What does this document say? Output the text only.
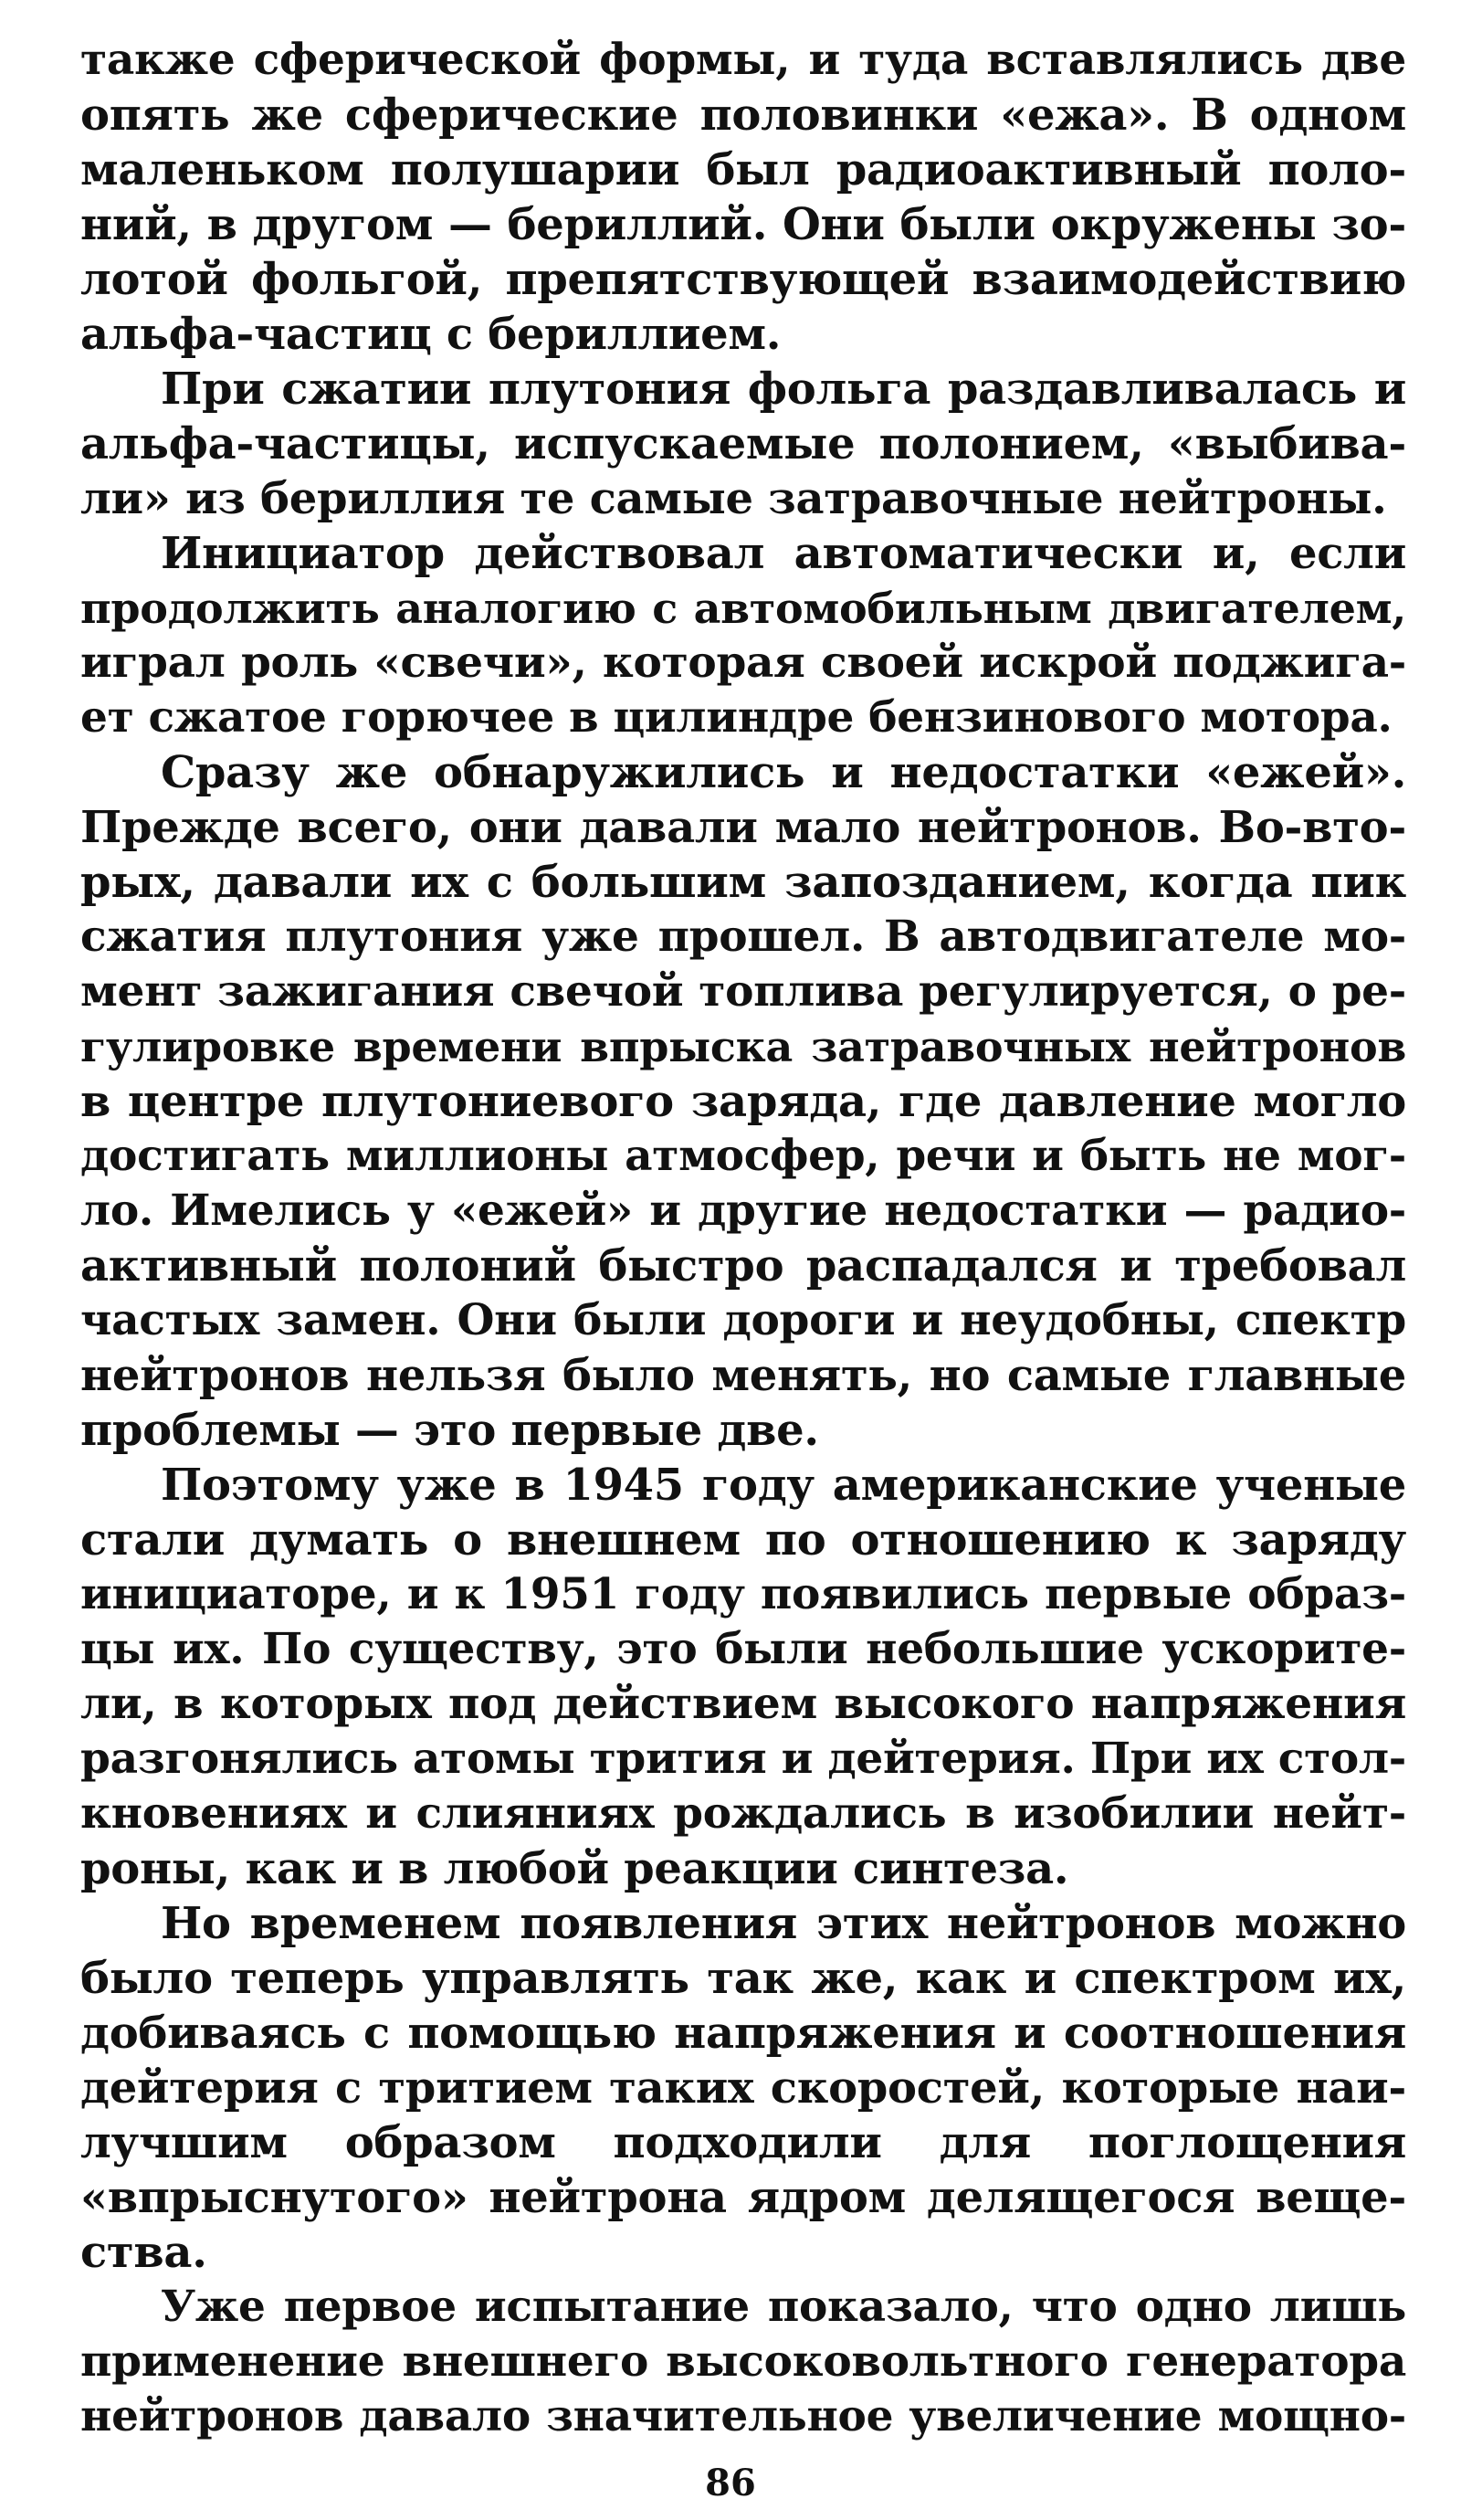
также сферической формы, и туда вставлялись две
опять же сферические половинки «ежа». В одном
маленьком полушарии был радиоактивный поло-
ний, в другом — бериллий. Они были окружены зо-
лотой фольгой, препятствующей взаимодействию
альфа-частиц с бериллием.
При сжатии плутония фольга раздавливалась и
альфа-частицы, испускаемые полонием, «выбива-
ли» из бериллия те самые затравочные нейтроны.
Инициатор действовал автоматически и, если
продолжить аналогию с автомобильным двигателем,
играл роль «свечи», которая своей искрой поджига-
ет сжатое горючее в цилиндре бензинового мотора.
Сразу же обнаружились и недостатки «ежей».
Прежде всего, они давали мало нейтронов. Во-вто-
рых, давали их с большим запозданием, когда пик
сжатия плутония уже прошел. В автодвигателе мо-
мент зажигания свечой топлива регулируется, о ре-
гулировке времени впрыска затравочных нейтронов
в центре плутониевого заряда, где давление могло
достигать миллионы атмосфер, речи и быть не мог-
ло. Имелись у «ежей» и другие недостатки — радио-
активный полоний быстро распадался и требовал
частых замен. Они были дороги и неудобны, спектр
нейтронов нельзя было менять, но самые главные
проблемы — это первые две.
Поэтому уже в 1945 году американские ученые
стали думать о внешнем по отношению к заряду
инициаторе, и к 1951 году появились первые образ-
цы их. По существу, это были небольшие ускорите-
ли, в которых под действием высокого напряжения
разгонялись атомы трития и дейтерия. При их стол-
кновениях и слияниях рождались в изобилии нейт-
роны, как и в любой реакции синтеза.
Но временем появления этих нейтронов можно
было теперь управлять так же, как и спектром их,
добиваясь с помощью напряжения и соотношения
дейтерия с тритием таких скоростей, которые наи-
лучшим образом подходили для поглощения
«впрыснутого» нейтрона ядром делящегося веще-
ства.
Уже первое испытание показало, что одно лишь
применение внешнего высоковольтного генератора
нейтронов давало значительное увеличение мощно-
86
